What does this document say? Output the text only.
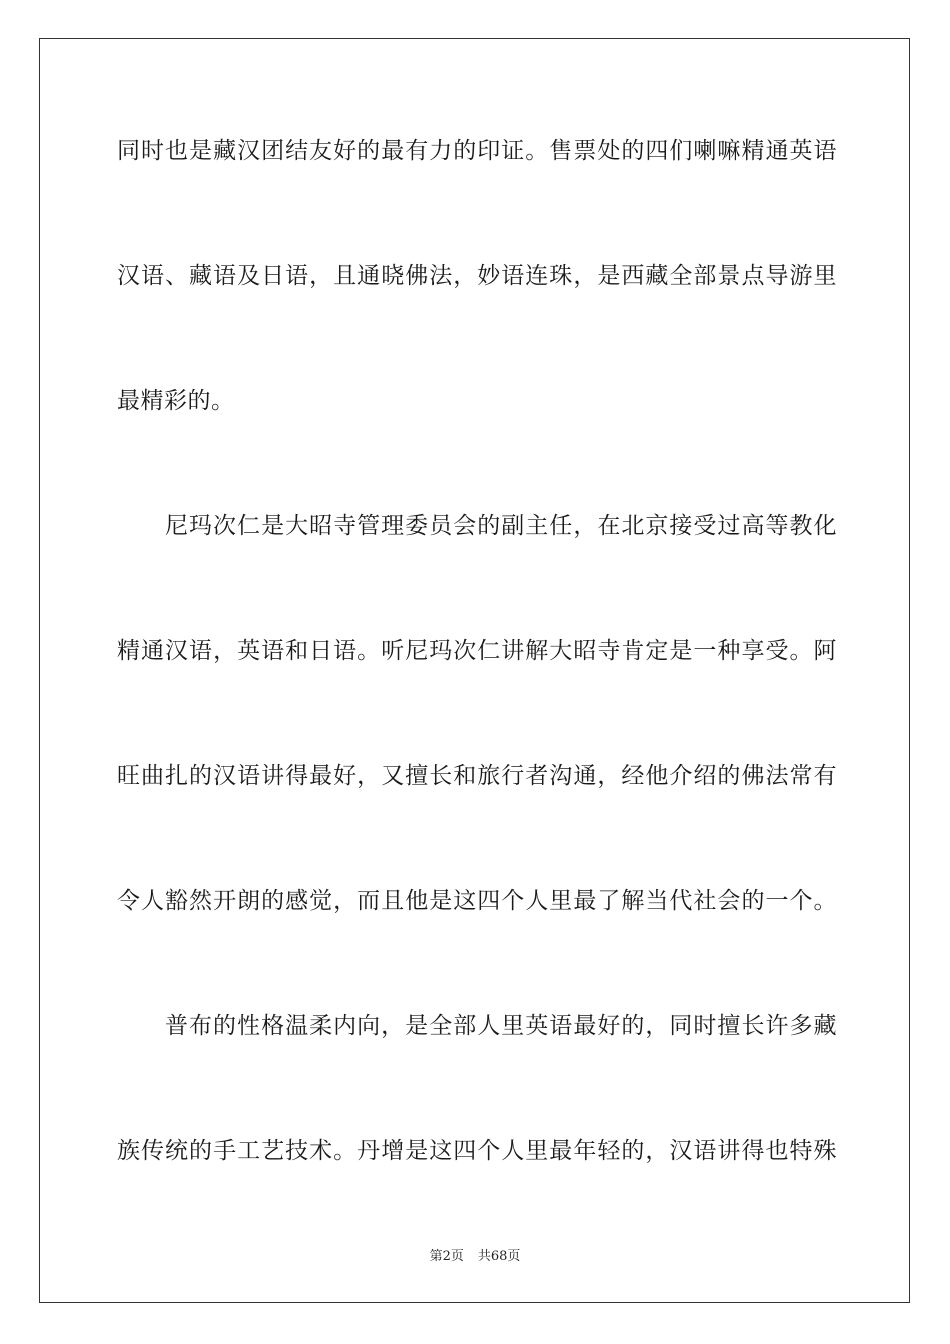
同时也是藏汉团结友好的最有力的印证。售票处的四们喇嘛精通英语
汉语、藏语及日语，且通晓佛法，妙语连珠，是西藏全部景点导游里
最精彩的。
尼玛次仁是大昭寺管理委员会的副主任，在北京接受过高等教化
精通汉语，英语和日语。听尼玛次仁讲解大昭寺肯定是一种享受。阿
旺曲扎的汉语讲得最好，又擅长和旅行者沟通，经他介绍的佛法常有
令人豁然开朗的感觉，而且他是这四个人里最了解当代社会的一个。
普布的性格温柔内向，是全部人里英语最好的，同时擅长许多藏
族传统的手工艺技术。丹增是这四个人里最年轻的，汉语讲得也特殊
第2页 共68页
